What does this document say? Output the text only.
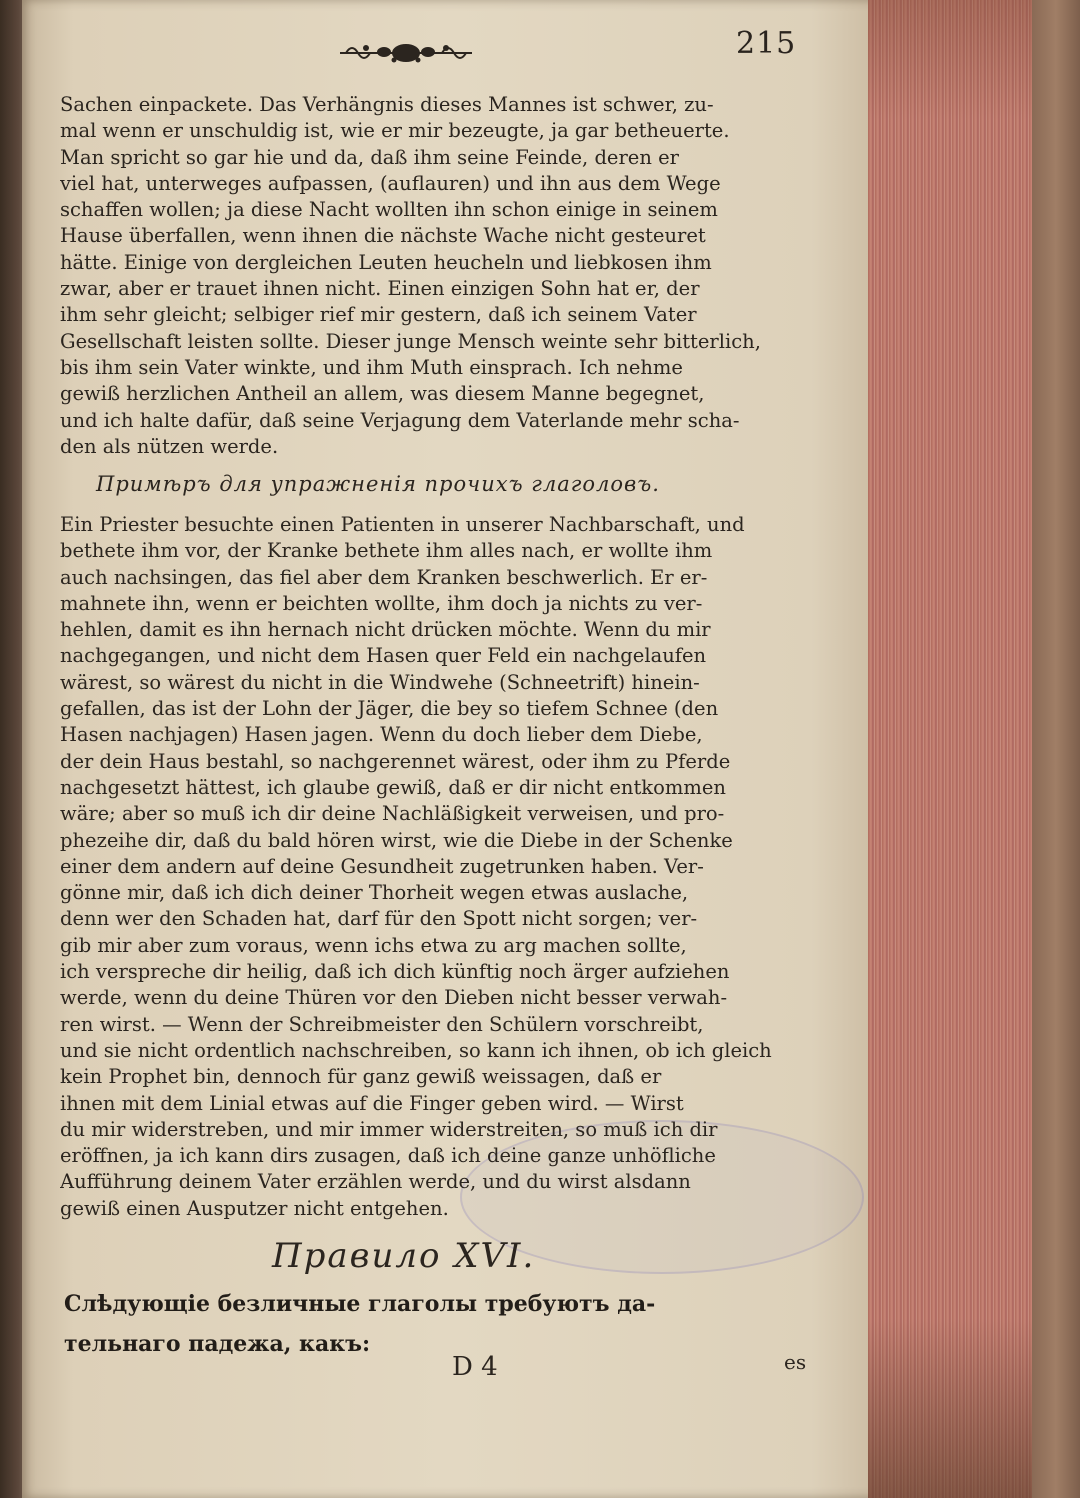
215
Sachen einpackete. Das Verhängnis dieses Mannes ist schwer, zu-
mal wenn er unschuldig ist, wie er mir bezeugte, ja gar betheuerte.
Man spricht so gar hie und da, daß ihm seine Feinde, deren er
viel hat, unterweges aufpassen, (auflauren) und ihn aus dem Wege
schaffen wollen; ja diese Nacht wollten ihn schon einige in seinem
Hause überfallen, wenn ihnen die nächste Wache nicht gesteuret
hätte. Einige von dergleichen Leuten heucheln und liebkosen ihm
zwar, aber er trauet ihnen nicht. Einen einzigen Sohn hat er, der
ihm sehr gleicht; selbiger rief mir gestern, daß ich seinem Vater
Gesellschaft leisten sollte. Dieser junge Mensch weinte sehr bitterlich,
bis ihm sein Vater winkte, und ihm Muth einsprach. Ich nehme
gewiß herzlichen Antheil an allem, was diesem Manne begegnet,
und ich halte dafür, daß seine Verjagung dem Vaterlande mehr scha-
den als nützen werde.
Примѣръ для упражненія прочихъ глаголовъ.
Ein Priester besuchte einen Patienten in unserer Nachbarschaft, und
bethete ihm vor, der Kranke bethete ihm alles nach, er wollte ihm
auch nachsingen, das fiel aber dem Kranken beschwerlich. Er er-
mahnete ihn, wenn er beichten wollte, ihm doch ja nichts zu ver-
hehlen, damit es ihn hernach nicht drücken möchte. Wenn du mir
nachgegangen, und nicht dem Hasen quer Feld ein nachgelaufen
wärest, so wärest du nicht in die Windwehe (Schneetrift) hinein-
gefallen, das ist der Lohn der Jäger, die bey so tiefem Schnee (den
Hasen nachjagen) Hasen jagen. Wenn du doch lieber dem Diebe,
der dein Haus bestahl, so nachgerennet wärest, oder ihm zu Pferde
nachgesetzt hättest, ich glaube gewiß, daß er dir nicht entkommen
wäre; aber so muß ich dir deine Nachläßigkeit verweisen, und pro-
phezeihe dir, daß du bald hören wirst, wie die Diebe in der Schenke
einer dem andern auf deine Gesundheit zugetrunken haben. Ver-
gönne mir, daß ich dich deiner Thorheit wegen etwas auslache,
denn wer den Schaden hat, darf für den Spott nicht sorgen; ver-
gib mir aber zum voraus, wenn ichs etwa zu arg machen sollte,
ich verspreche dir heilig, daß ich dich künftig noch ärger aufziehen
werde, wenn du deine Thüren vor den Dieben nicht besser verwah-
ren wirst. — Wenn der Schreibmeister den Schülern vorschreibt,
und sie nicht ordentlich nachschreiben, so kann ich ihnen, ob ich gleich
kein Prophet bin, dennoch für ganz gewiß weissagen, daß er
ihnen mit dem Linial etwas auf die Finger geben wird. — Wirst
du mir widerstreben, und mir immer widerstreiten, so muß ich dir
eröffnen, ja ich kann dirs zusagen, daß ich deine ganze unhöfliche
Aufführung deinem Vater erzählen werde, und du wirst alsdann
gewiß einen Ausputzer nicht entgehen.
Правило XVI.
Слѣдующіе безличные глаголы требуютъ да-
тельнаго падежа, какъ:
D 4	es
